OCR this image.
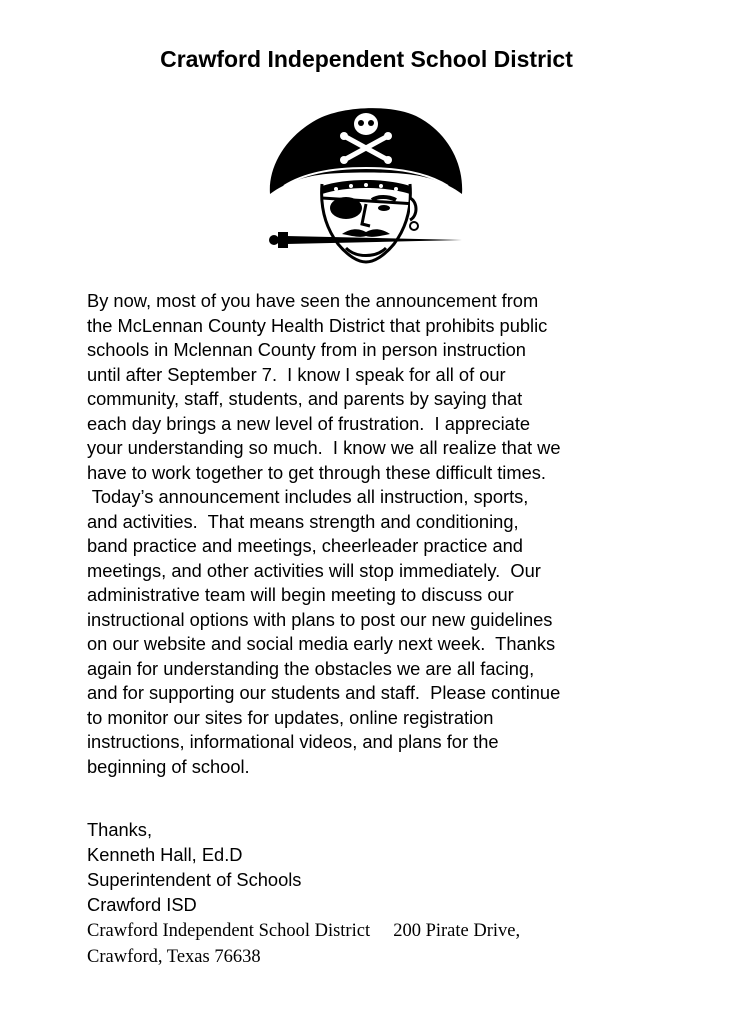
Crawford Independent School District
By now, most of you have seen the announcement from
the McLennan County Health District that prohibits public
schools in Mclennan County from in person instruction
until after September 7.  I know I speak for all of our
community, staff, students, and parents by saying that
each day brings a new level of frustration.  I appreciate
your understanding so much.  I know we all realize that we
have to work together to get through these difficult times.
Today’s announcement includes all instruction, sports,
and activities.  That means strength and conditioning,
band practice and meetings, cheerleader practice and
meetings, and other activities will stop immediately.  Our
administrative team will begin meeting to discuss our
instructional options with plans to post our new guidelines
on our website and social media early next week.  Thanks
again for understanding the obstacles we are all facing,
and for supporting our students and staff.  Please continue
to monitor our sites for updates, online registration
instructions, informational videos, and plans for the
beginning of school.
Thanks,
Kenneth Hall, Ed.D
Superintendent of Schools
Crawford ISD
Crawford Independent School District     200 Pirate Drive,
Crawford, Texas 76638
